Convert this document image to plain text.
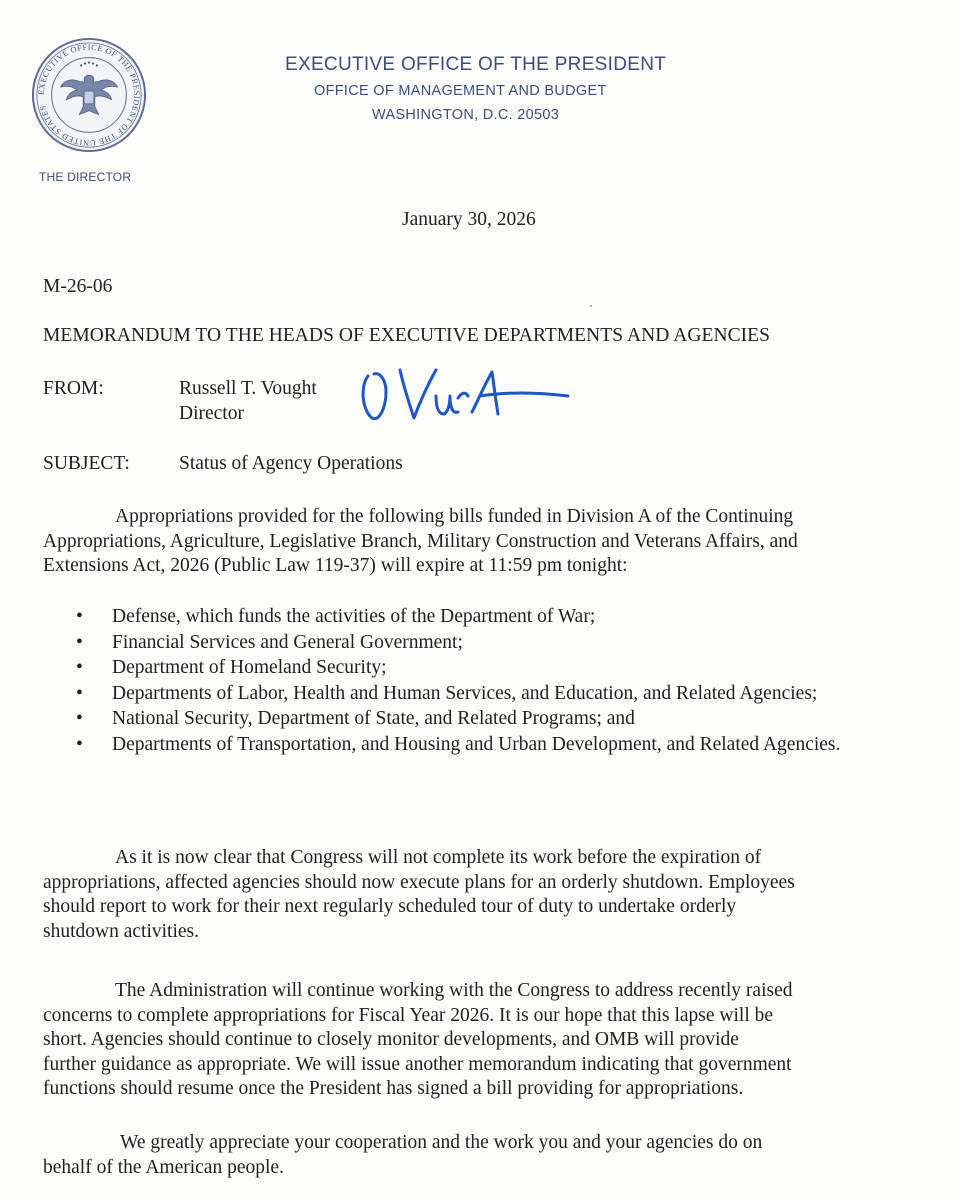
EXECUTIVE OFFICE OF THE PRESIDENT OF THE UNITED STATES
EXECUTIVE OFFICE OF THE PRESIDENT
OFFICE OF MANAGEMENT AND BUDGET
WASHINGTON, D.C. 20503
THE DIRECTOR
January 30, 2026
M-26-06
MEMORANDUM TO THE HEADS OF EXECUTIVE DEPARTMENTS AND AGENCIES
FROM:	Russell T. Vought
Director
SUBJECT:	Status of Agency Operations

Appropriations provided for the following bills funded in Division A of the Continuing

Appropriations, Agriculture, Legislative Branch, Military Construction and Veterans Affairs, and

Extensions Act, 2026 (Public Law 119-37) will expire at 11:59 pm tonight:

• Defense, which funds the activities of the Department of War;
• Financial Services and General Government;
• Department of Homeland Security;
• Departments of Labor, Health and Human Services, and Education, and Related Agencies;
• National Security, Department of State, and Related Programs; and
• Departments of Transportation, and Housing and Urban Development, and Related Agencies.

As it is now clear that Congress will not complete its work before the expiration of

appropriations, affected agencies should now execute plans for an orderly shutdown. Employees

should report to work for their next regularly scheduled tour of duty to undertake orderly

shutdown activities.

The Administration will continue working with the Congress to address recently raised

concerns to complete appropriations for Fiscal Year 2026. It is our hope that this lapse will be

short. Agencies should continue to closely monitor developments, and OMB will provide

further guidance as appropriate. We will issue another memorandum indicating that government

functions should resume once the President has signed a bill providing for appropriations.

We greatly appreciate your cooperation and the work you and your agencies do on

behalf of the American people.
